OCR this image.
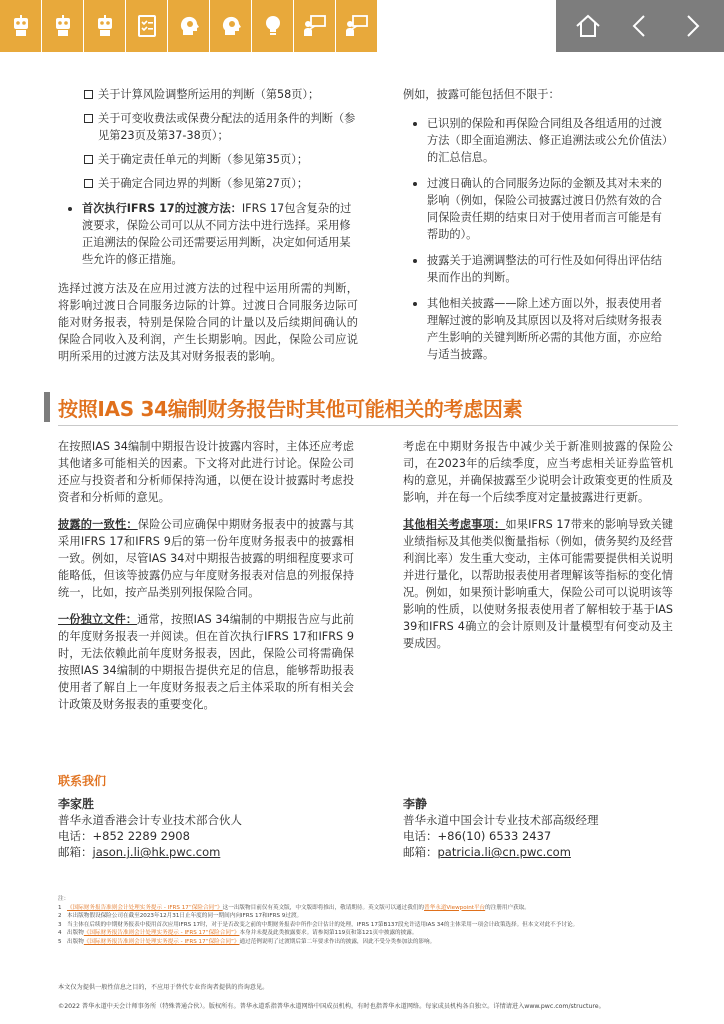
关于计算风险调整所运用的判断（第58页）；
关于可变收费法或保费分配法的适用条件的判断（参见第23页及第37-38页）；
关于确定责任单元的判断（参见第35页）；
关于确定合同边界的判断（参见第27页）；
首次执行IFRS 17的过渡方法：IFRS 17包含复杂的过渡要求，保险公司可以从不同方法中进行选择。采用修正追溯法的保险公司还需要运用判断，决定如何适用某些允许的修正措施。

选择过渡方法及在应用过渡方法的过程中运用所需的判断，将影响过渡日合同服务边际的计算。过渡日合同服务边际可能对财务报表，特别是保险合同的计量以及后续期间确认的保险合同收入及利润，产生长期影响。因此，保险公司应说明所采用的过渡方法及其对财务报表的影响。

例如，披露可能包括但不限于：

已识别的保险和再保险合同组及各组适用的过渡方法（即全面追溯法、修正追溯法或公允价值法）的汇总信息。
过渡日确认的合同服务边际的金额及其对未来的影响（例如，保险公司披露过渡日仍然有效的合同保险责任期的结束日对于使用者而言可能是有帮助的）。
披露关于追溯调整法的可行性及如何得出评估结果而作出的判断。
其他相关披露——除上述方面以外，报表使用者理解过渡的影响及其原因以及将对后续财务报表产生影响的关键判断所必需的其他方面，亦应给与适当披露。
按照IAS 34编制财务报告时其他可能相关的考虑因素

在按照IAS 34编制中期报告设计披露内容时，主体还应考虑其他诸多可能相关的因素。下文将对此进行讨论。保险公司还应与投资者和分析师保持沟通，以便在设计披露时考虑投资者和分析师的意见。

披露的一致性：保险公司应确保中期财务报表中的披露与其采用IFRS 17和IFRS 9后的第一份年度财务报表中的披露相一致。例如，尽管IAS 34对中期报告披露的明细程度要求可能略低，但该等披露仍应与年度财务报表对信息的列报保持统一，比如，按产品类别列报保险合同。

一份独立文件：通常，按照IAS 34编制的中期报告应与此前的年度财务报表一并阅读。但在首次执行IFRS 17和IFRS 9时，无法依赖此前年度财务报表，因此，保险公司将需确保按照IAS 34编制的中期报告提供充足的信息，能够帮助报表使用者了解自上一年度财务报表之后主体采取的所有相关会计政策及财务报表的重要变化。

考虑在中期财务报告中减少关于新准则披露的保险公司，在2023年的后续季度，应当考虑相关证券监管机构的意见，并确保披露至少说明会计政策变更的性质及影响，并在每一个后续季度对定量披露进行更新。

其他相关考虑事项：如果IFRS 17带来的影响导致关键业绩指标及其他类似衡量指标（例如，债务契约及经营利润比率）发生重大变动，主体可能需要提供相关说明并进行量化，以帮助报表使用者理解该等指标的变化情况。例如，如果预计影响重大，保险公司可以说明该等影响的性质，以使财务报表使用者了解相较于基于IAS 39和IFRS 4确立的会计原则及计量模型有何变动及主要成因。

联系我们
李家胜
普华永道香港会计专业技术部合伙人
电话：+852 2289 2908
邮箱：jason.j.li@hk.pwc.com
李静
普华永道中国会计专业技术部高级经理
电话：+86(10) 6533 2437
邮箱：patricia.li@cn.pwc.com
注：
1 《国际财务报告准则会计处理实务提示 - IFRS 17“保险合同”》这一出版物目前仅有英文版，中文版即将推出，敬请期待。英文版可以通过我们的普华永道Viewpoint平台的注册用户获取。
2 本出版物假设保险公司在截至2023年12月31日止年度的同一期间内向IFRS 17和IFRS 9过渡。
3 当主体在后续的中期财务报表中使用首次应用IFRS 17时，对于是否改变之前的中期财务报表中所作会计估计的处理，IFRS 17第B137段允许适用IAS 34的主体采用一项会计政策选择。但本文对此不予讨论。
4 出版物《国际财务报告准则会计处理实务提示 - IFRS 17“保险合同”》本身并未提及此类披露要求。请参阅第119页和第121页中披露的披露。
5 出版物《国际财务报告准则会计处理实务提示 - IFRS 17“保险合同”》通过范例说明了过渡期后第二年要求作出的披露，因此不受分类参加法的影响。
本文仅为提供一般性信息之目的，不应用于替代专业咨询者提供的咨询意见。
©2022 普华永道中天会计师事务所（特殊普通合伙）。版权所有。普华永道系指普华永道网络中国成员机构，有时也指普华永道网络。每家成员机构各自独立。详情请进入www.pwc.com/structure。
